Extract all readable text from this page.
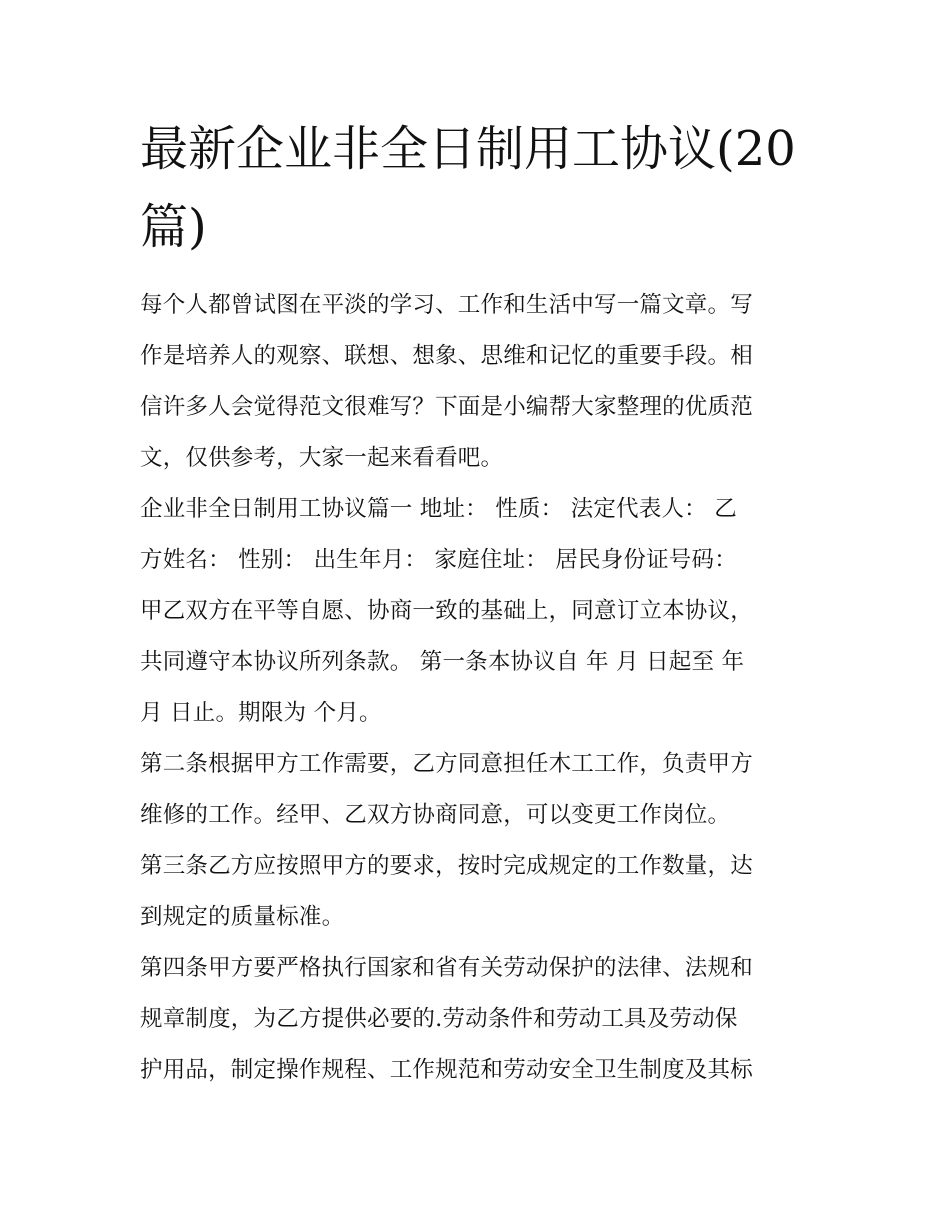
最新企业非全日制用工协议(20
篇)

每个人都曾试图在平淡的学习、工作和生活中写一篇文章。写
作是培养人的观察、联想、想象、思维和记忆的重要手段。相
信许多人会觉得范文很难写？下面是小编帮大家整理的优质范
文，仅供参考，大家一起来看看吧。

企业非全日制用工协议篇一 地址： 性质： 法定代表人： 乙
方姓名： 性别： 出生年月： 家庭住址： 居民身份证号码：
甲乙双方在平等自愿、协商一致的基础上，同意订立本协议，
共同遵守本协议所列条款。 第一条本协议自 年 月 日起至 年
月 日止。期限为 个月。

第二条根据甲方工作需要，乙方同意担任木工工作，负责甲方
维修的工作。经甲、乙双方协商同意，可以变更工作岗位。

第三条乙方应按照甲方的要求，按时完成规定的工作数量，达
到规定的质量标准。

第四条甲方要严格执行国家和省有关劳动保护的法律、法规和
规章制度，为乙方提供必要的.劳动条件和劳动工具及劳动保
护用品，制定操作规程、工作规范和劳动安全卫生制度及其标
